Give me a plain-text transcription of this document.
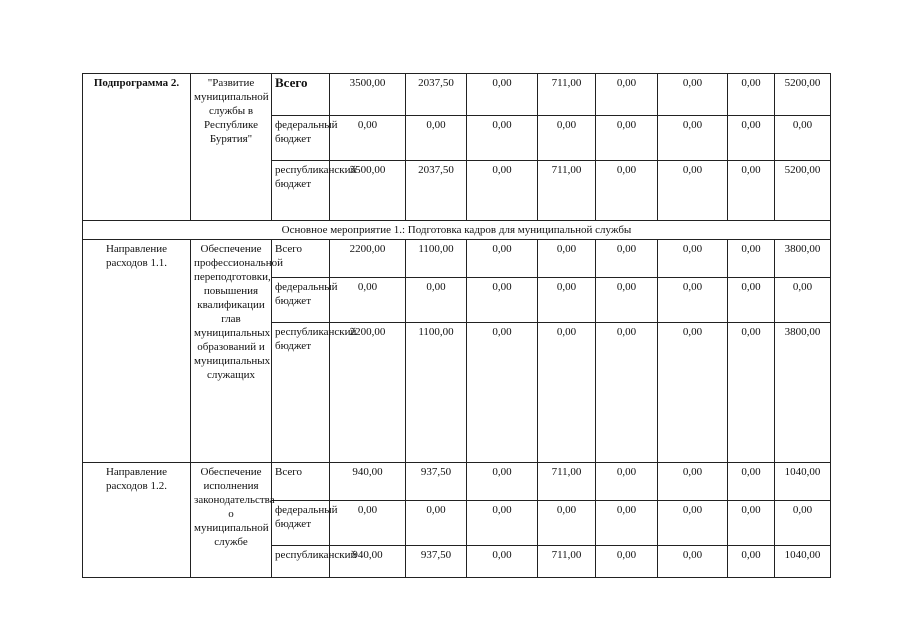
Подпрограмма 2.	"Развитие муниципальной службы в Республике Бурятия"	Всего	3500,00	2037,50	0,00	711,00	0,00	0,00	0,00	5200,00
		федеральный бюджет	0,00	0,00	0,00	0,00	0,00	0,00	0,00	0,00
		республиканский бюджет	3500,00	2037,50	0,00	711,00	0,00	0,00	0,00	5200,00
Основное мероприятие 1.: Подготовка кадров для муниципальной службы										
Направление расходов 1.1.	Обеспечение профессиональной переподготовки, повышения квалификации глав муниципальных образований и муниципальных служащих	Всего	2200,00	1100,00	0,00	0,00	0,00	0,00	0,00	3800,00
		федеральный бюджет	0,00	0,00	0,00	0,00	0,00	0,00	0,00	0,00
		республиканский бюджет	2200,00	1100,00	0,00	0,00	0,00	0,00	0,00	3800,00
Направление расходов 1.2.	Обеспечение исполнения законодательства о муниципальной службе	Всего	940,00	937,50	0,00	711,00	0,00	0,00	0,00	1040,00
		федеральный бюджет	0,00	0,00	0,00	0,00	0,00	0,00	0,00	0,00
		республиканский	940,00	937,50	0,00	711,00	0,00	0,00	0,00	1040,00
